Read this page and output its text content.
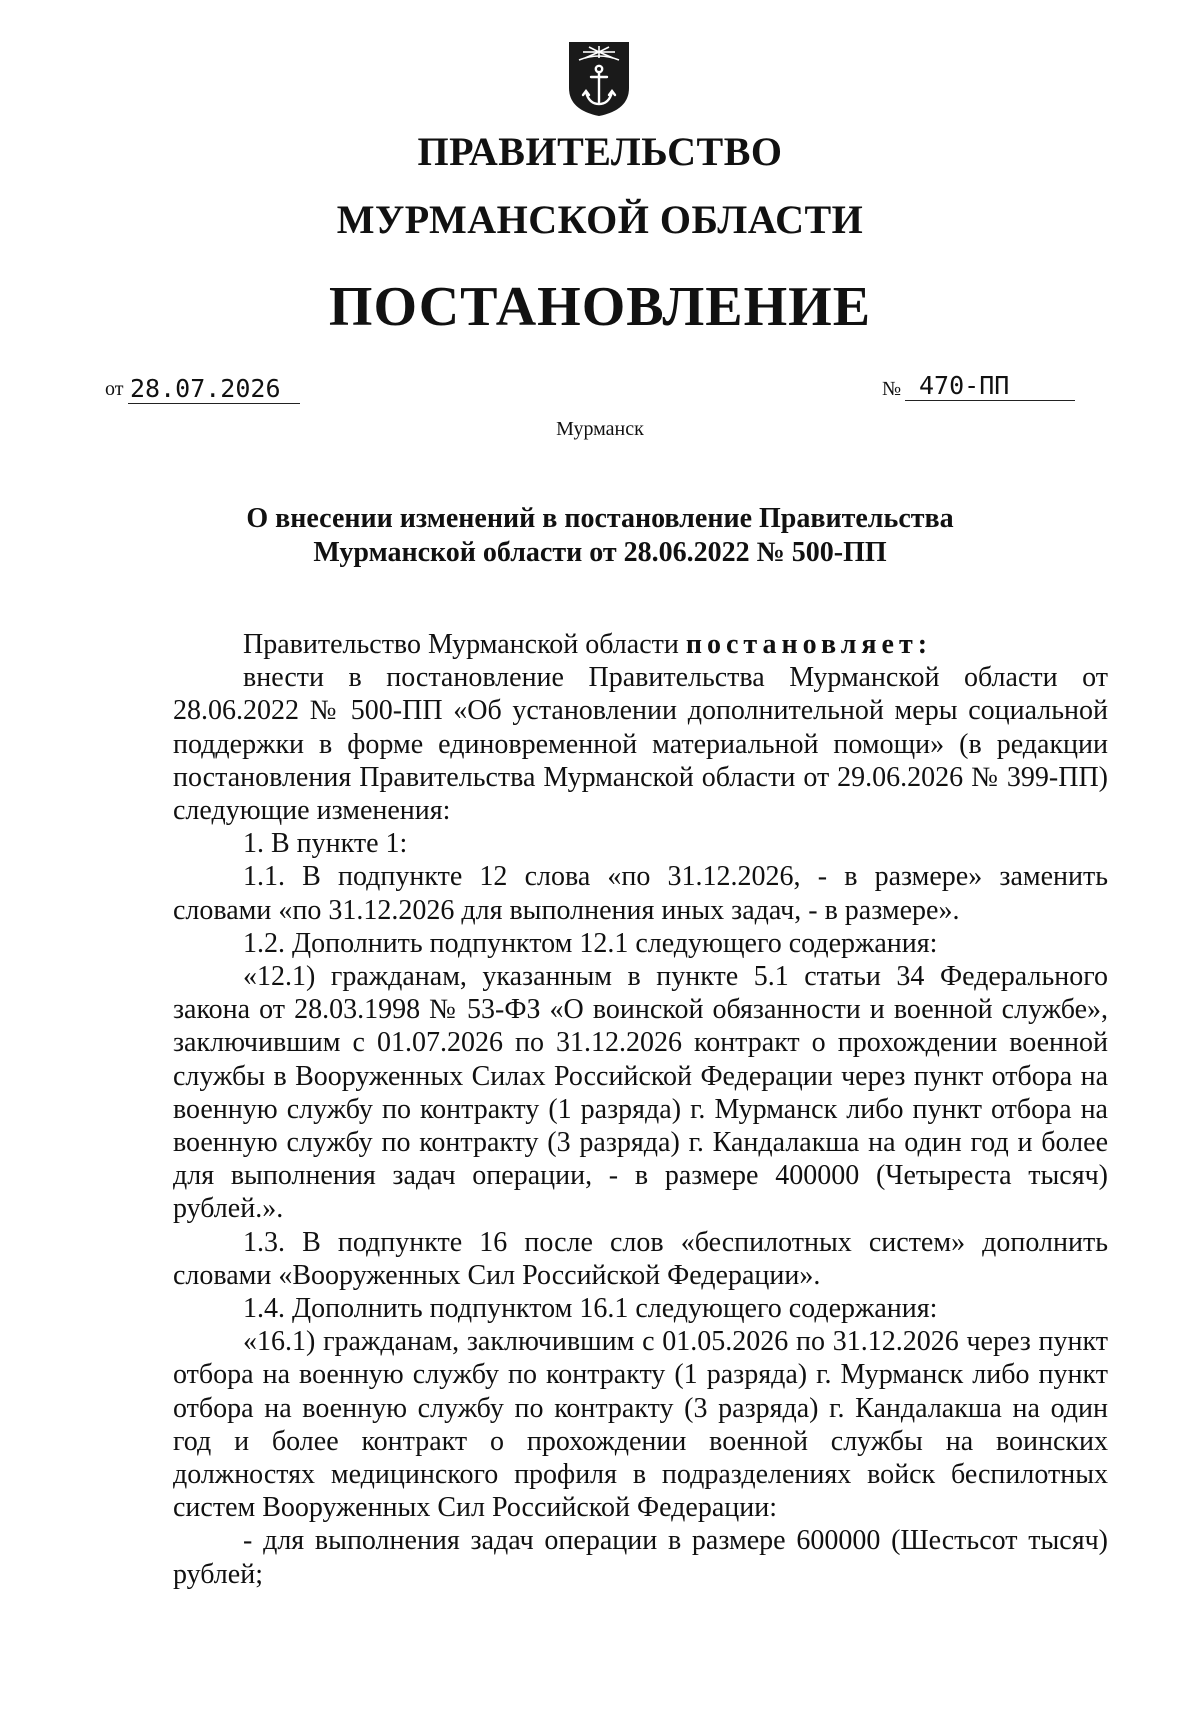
ПРАВИТЕЛЬСТВО
МУРМАНСКОЙ ОБЛАСТИ
ПОСТАНОВЛЕНИЕ
от 28.07.2026	№ 470-ПП
Мурманск
О внесении изменений в постановление Правительства
Мурманской области от 28.06.2022 № 500-ПП

Правительство Мурманской области постановляет:

внести в постановление Правительства Мурманской области от 28.06.2022 № 500-ПП «Об установлении дополнительной меры социальной поддержки в форме единовременной материальной помощи» (в редакции постановления Правительства Мурманской области от 29.06.2026 № 399-ПП) следующие изменения:

1. В пункте 1:

1.1. В подпункте 12 слова «по 31.12.2026, - в размере» заменить словами «по 31.12.2026 для выполнения иных задач, - в размере».

1.2. Дополнить подпунктом 12.1 следующего содержания:

«12.1) гражданам, указанным в пункте 5.1 статьи 34 Федерального закона от 28.03.1998 № 53-ФЗ «О воинской обязанности и военной службе», заключившим с 01.07.2026 по 31.12.2026 контракт о прохождении военной службы в Вооруженных Силах Российской Федерации через пункт отбора на военную службу по контракту (1 разряда) г. Мурманск либо пункт отбора на военную службу по контракту (3 разряда) г. Кандалакша на один год и более для выполнения задач операции, - в размере 400000 (Четыреста тысяч) рублей.».

1.3. В подпункте 16 после слов «беспилотных систем» дополнить словами «Вооруженных Сил Российской Федерации».

1.4. Дополнить подпунктом 16.1 следующего содержания:

«16.1) гражданам, заключившим с 01.05.2026 по 31.12.2026 через пункт отбора на военную службу по контракту (1 разряда) г. Мурманск либо пункт отбора на военную службу по контракту (3 разряда) г. Кандалакша на один год и более контракт о прохождении военной службы на воинских должностях медицинского профиля в подразделениях войск беспилотных систем Вооруженных Сил Российской Федерации:

- для выполнения задач операции в размере 600000 (Шестьсот тысяч) рублей;
